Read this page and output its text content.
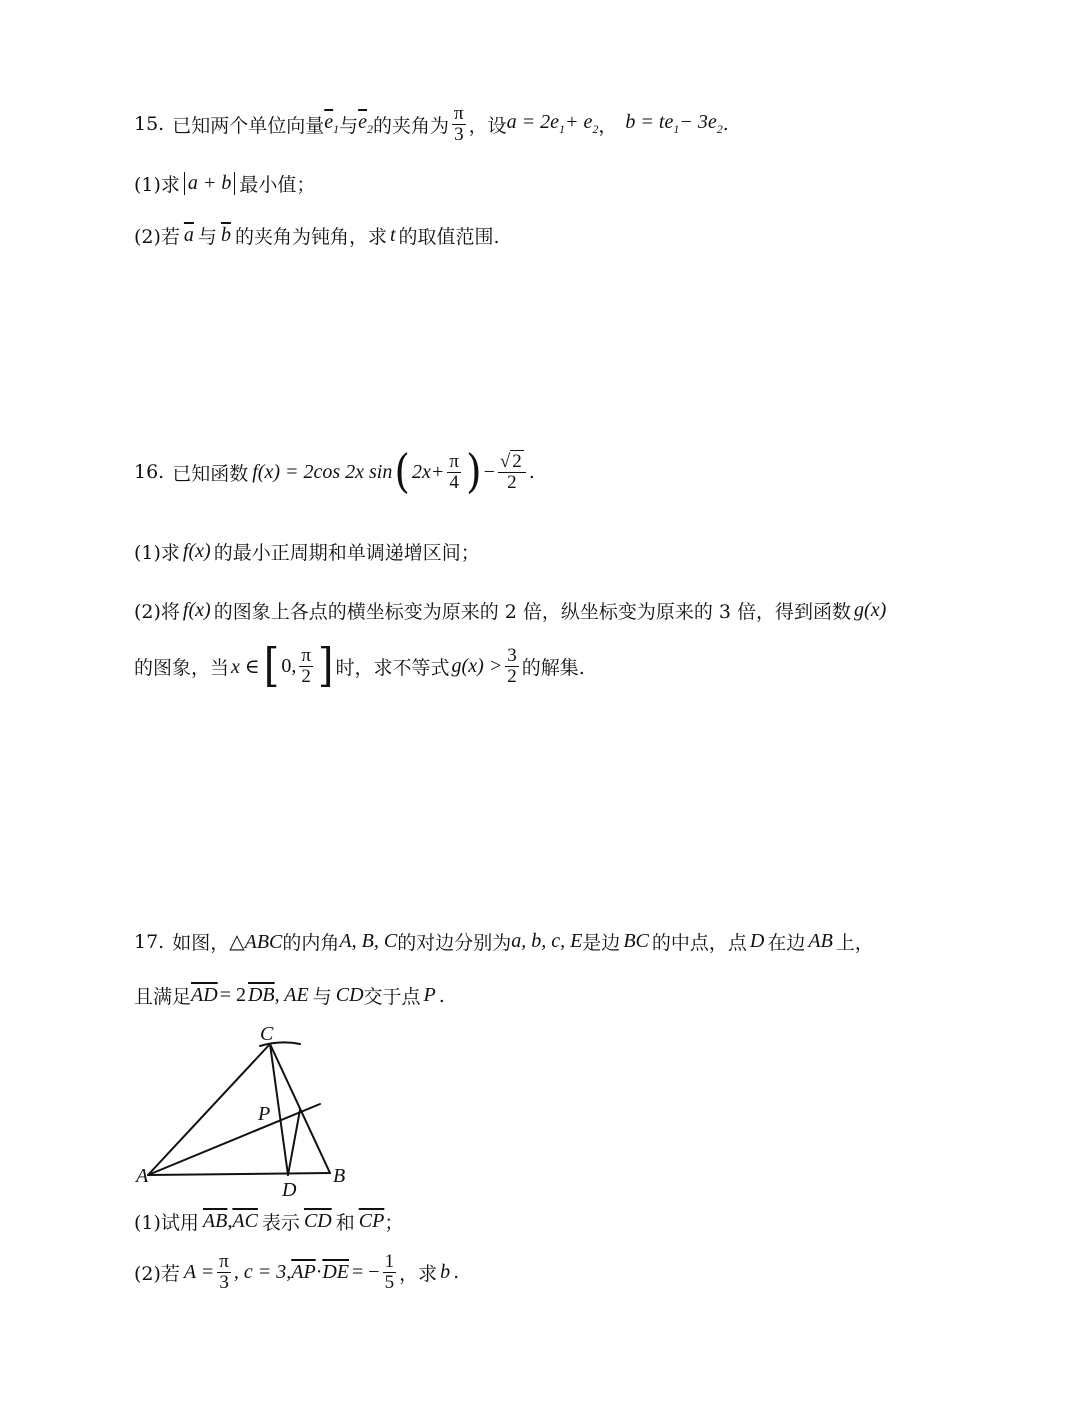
15. 已知两个单位向量 $\overline{e}_1$ 与 $\overline{e}_2$ 的夹角为 $\frac{\pi}{3}$ ，设 $a = 2e_1+ e_2$ ， $b = te_1- 3e_2$ .
(1)求 a + b 最小值；
(2)若 $\overline{a}$ 与 $\overline{b}$ 的夹角为钝角，求 t 的取值范围.
16. 已知函数 f(x) = 2cos 2x sin ( $2x+ \frac{\pi}{4}$ ) − $\frac{√ 2}{2}$ .
(1)求 f(x) 的最小正周期和单调递增区间；
(2)将 f(x) 的图象上各点的横坐标变为原来的 2 倍，纵坐标变为原来的 3 倍，得到函数 g(x)
的图象，当 x ∈ [ 0, $\frac{\pi}{2}$ ] 时，求不等式 $g(x) > \frac{3}{2}$ 的解集.
17. 如图， △ABC 的内角 A, B, C 的对边分别为 a, b, c, E 是边 BC 的中点，点 D 在边 AB 上，
且满足 $\overline{AD} = 2$ $\overline{DB}$ , AE 与 CD 交于点 P .
C
P
A	B
D
(1)试用 $\overline{AB}$ , $\overline{AC}$ 表示 $\overline{CD}$ 和 $\overline{CP}$ ；
(2)若 $A = \frac{\pi}{3}$ , c = 3, $\overline{AP} \cdot \overline{DE}$ = − $\frac{1}{5}$ ，求 b .
